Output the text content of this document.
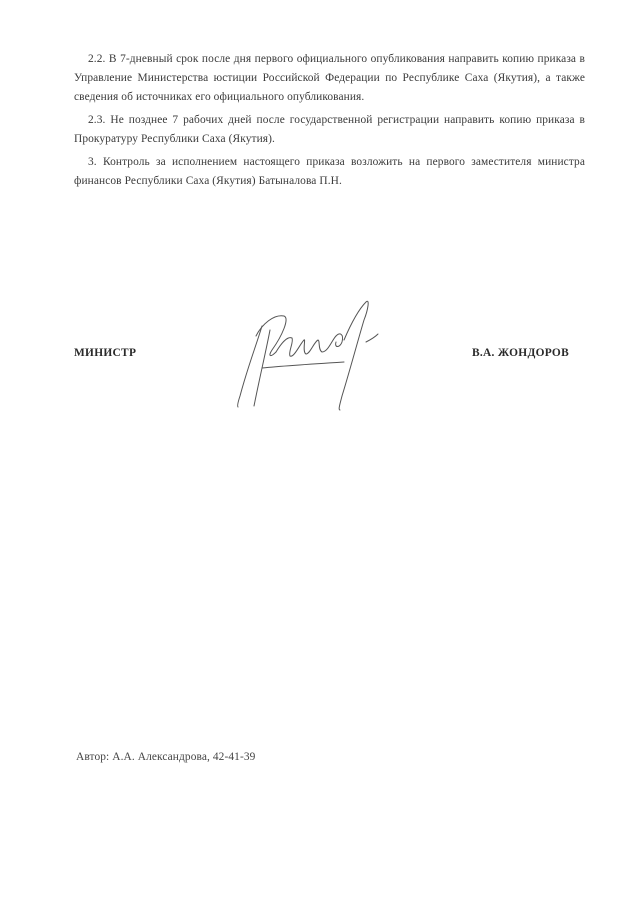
2.2. В 7-дневный срок после дня первого официального опубликования направить копию приказа в Управление Министерства юстиции Российской Федерации по Республике Саха (Якутия), а также сведения об источниках его официального опубликования.

2.3. Не позднее 7 рабочих дней после государственной регистрации направить копию приказа в Прокуратуру Республики Саха (Якутия).

3. Контроль за исполнением настоящего приказа возложить на первого заместителя министра финансов Республики Саха (Якутия) Батыналова П.Н.

МИНИСТР	В.А. ЖОНДОРОВ
Автор: А.А. Александрова, 42-41-39
